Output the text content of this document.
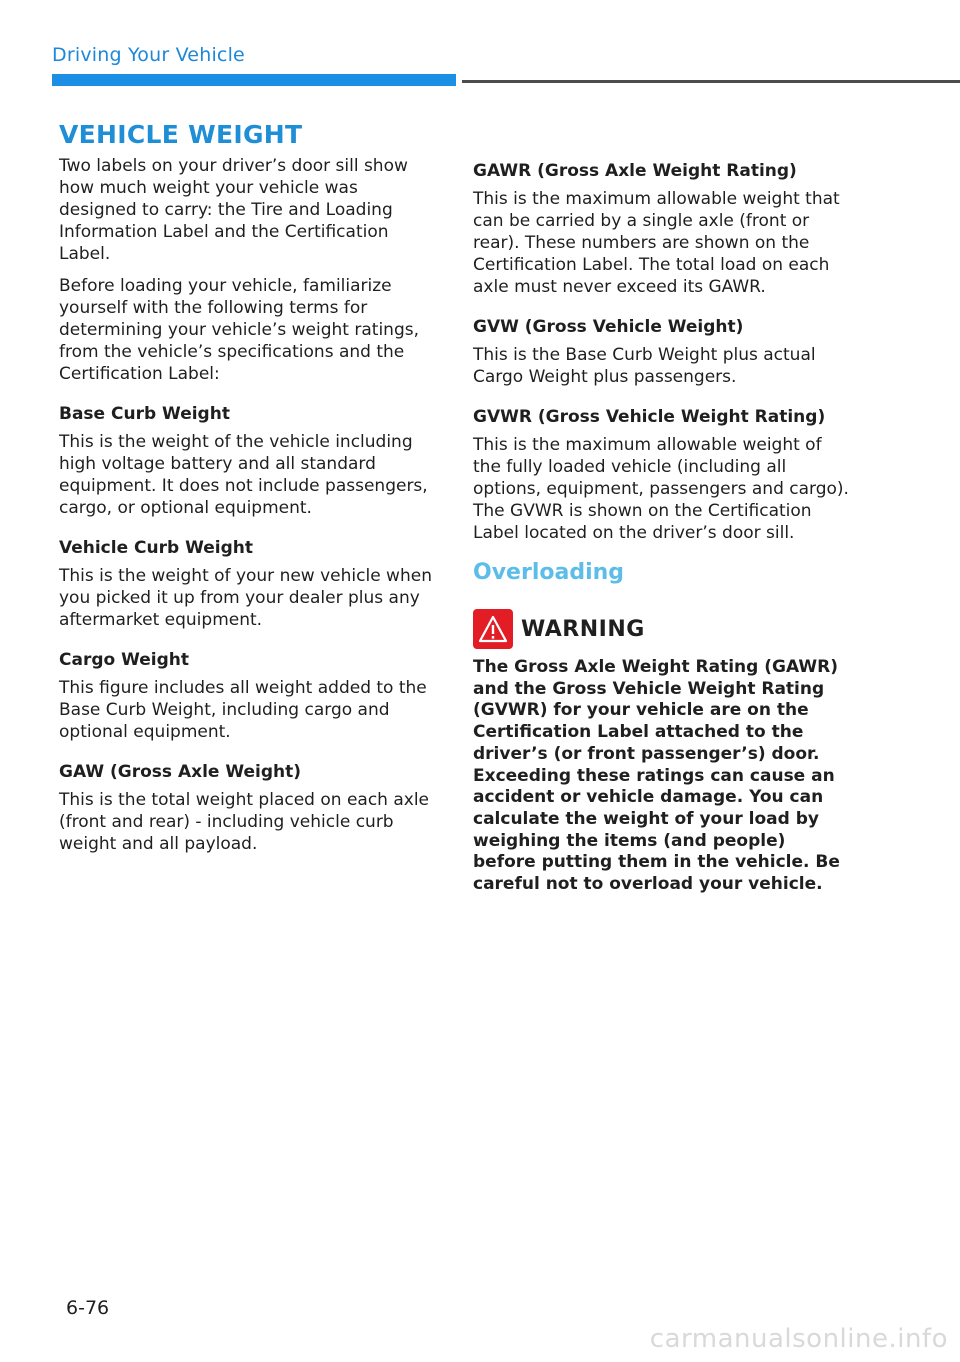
Driving Your Vehicle
VEHICLE WEIGHT

Two labels on your driver’s door sill show how much weight your vehicle was designed to carry: the Tire and Loading Information Label and the Certification Label.

Before loading your vehicle, familiarize yourself with the following terms for determining your vehicle’s weight ratings, from the vehicle’s specifications and the Certification Label:

Base Curb Weight

This is the weight of the vehicle including high voltage battery and all standard equipment. It does not include passengers, cargo, or optional equipment.

Vehicle Curb Weight

This is the weight of your new vehicle when you picked it up from your dealer plus any aftermarket equipment.

Cargo Weight

This figure includes all weight added to the Base Curb Weight, including cargo and optional equipment.

GAW (Gross Axle Weight)

This is the total weight placed on each axle (front and rear) - including vehicle curb weight and all payload.

GAWR (Gross Axle Weight Rating)

This is the maximum allowable weight that can be carried by a single axle (front or rear). These numbers are shown on the Certification Label. The total load on each axle must never exceed its GAWR.

GVW (Gross Vehicle Weight)

This is the Base Curb Weight plus actual Cargo Weight plus passengers.

GVWR (Gross Vehicle Weight Rating)

This is the maximum allowable weight of the fully loaded vehicle (including all options, equipment, passengers and cargo). The GVWR is shown on the Certification Label located on the driver’s door sill.

Overloading
WARNING

The Gross Axle Weight Rating (GAWR) and the Gross Vehicle Weight Rating (GVWR) for your vehicle are on the Certification Label attached to the driver’s (or front passenger’s) door. Exceeding these ratings can cause an accident or vehicle damage. You can calculate the weight of your load by weighing the items (and people) before putting them in the vehicle. Be careful not to overload your vehicle.

6-76
carmanualsonline.info
